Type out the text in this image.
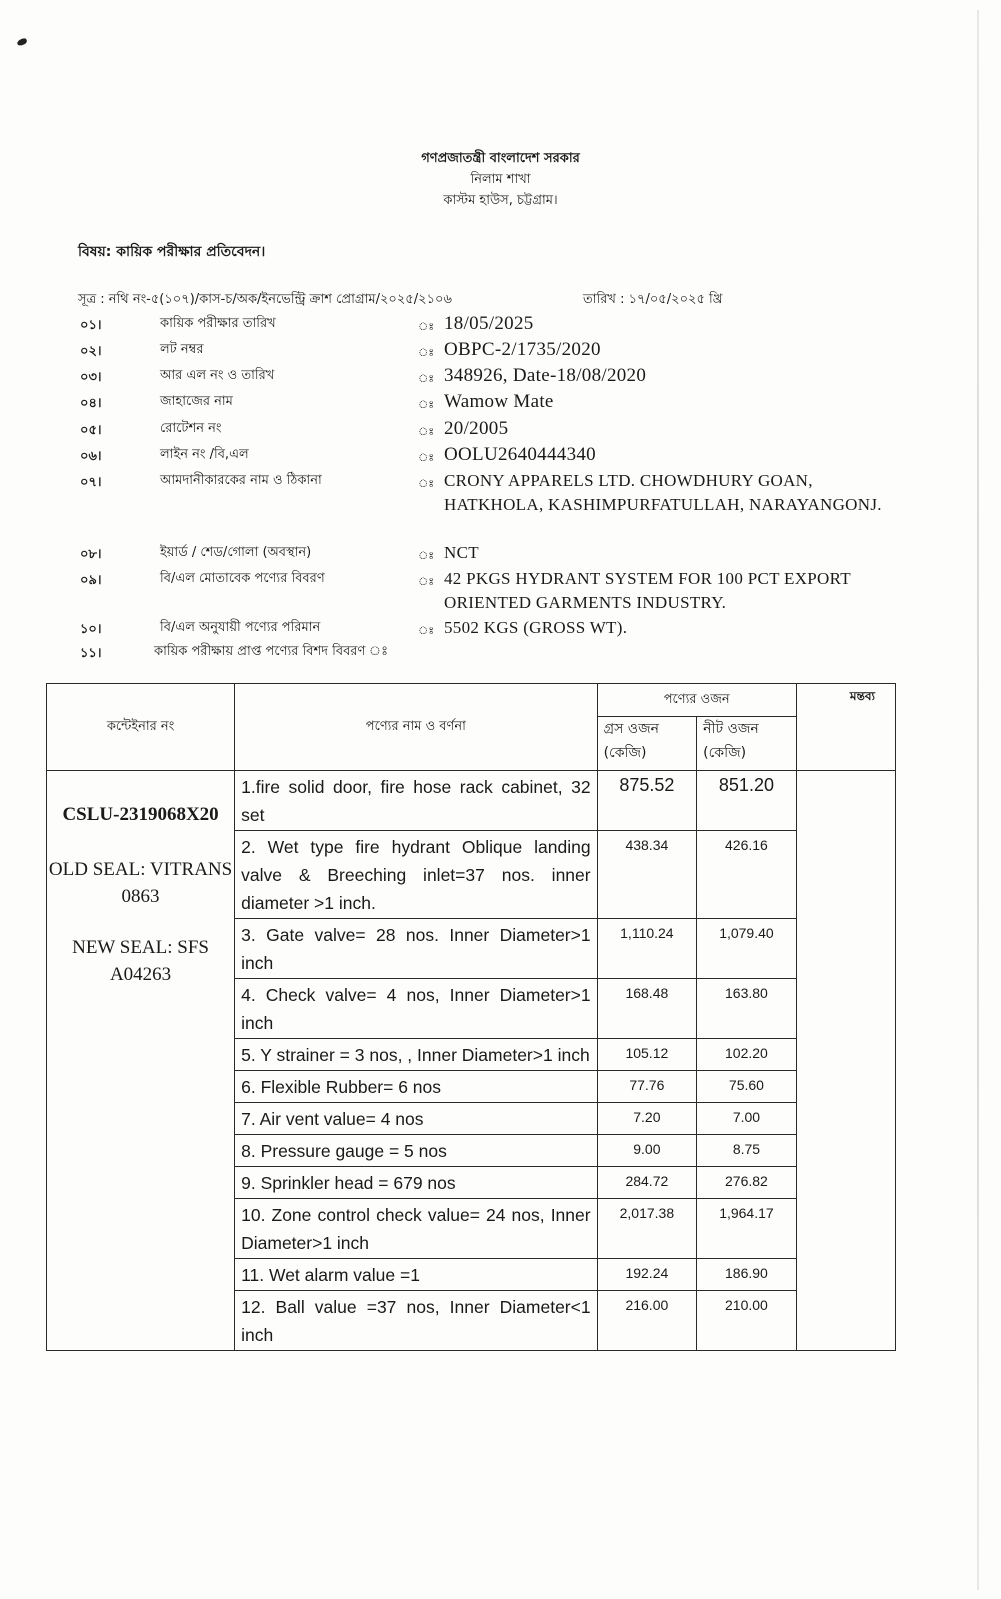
গণপ্রজাতন্ত্রী বাংলাদেশ সরকার
নিলাম শাখা
কাস্টম হাউস, চট্টগ্রাম।
বিষয়: কায়িক পরীক্ষার প্রতিবেদন।
সূত্র : নথি নং-৫(১০৭)/কাস-চ/অক/ইনভেন্ট্রি ক্রাশ প্রোগ্রাম/২০২৫/২১০৬	তারিখ : ১৭/০৫/২০২৫ খ্রি
০১।	কায়িক পরীক্ষার তারিখ	ঃ 18/05/2025
০২।	লট নম্বর	ঃ OBPC-2/1735/2020
০৩।	আর এল নং ও তারিখ	ঃ 348926, Date-18/08/2020
০৪।	জাহাজের নাম	ঃ Wamow Mate
০৫।	রোটেশন নং	ঃ 20/2005
০৬।	লাইন নং /বি,এল	ঃ OOLU2640444340
০৭।	আমদানীকারকের নাম ও ঠিকানা	ঃ CRONY APPARELS LTD. CHOWDHURY GOAN, HATKHOLA, KASHIMPURFATULLAH, NARAYANGONJ.
০৮।	ইয়ার্ড / শেড/গোলা (অবস্থান)	ঃ NCT
০৯।	বি/এল মোতাবেক পণ্যের বিবরণ	ঃ 42 PKGS HYDRANT SYSTEM FOR 100 PCT EXPORT ORIENTED GARMENTS INDUSTRY.
১০।	বি/এল অনুযায়ী পণ্যের পরিমান	ঃ 5502 KGS (GROSS WT).
১১।	কায়িক পরীক্ষায় প্রাপ্ত পণ্যের বিশদ বিবরণ ঃ
কন্টেইনার নং	পণ্যের নাম ও বর্ণনা	পণ্যের ওজন		মন্তব্য
		গ্রস ওজন (কেজি)	নীট ওজন (কেজি)	

CSLU-2319068X20
OLD SEAL: VITRANS 0863
NEW SEAL: SFS A04263	1.fire solid door, fire hose rack cabinet, 32 set	875.52	851.20	
	2. Wet type fire hydrant Oblique landing valve & Breeching inlet=37 nos. inner diameter >1 inch.	438.34	426.16	
	3. Gate valve= 28 nos. Inner Diameter>1 inch	1,110.24	1,079.40	
	4. Check valve= 4 nos, Inner Diameter>1 inch	168.48	163.80	
	5. Y strainer = 3 nos, , Inner Diameter>1 inch	105.12	102.20	
	6. Flexible Rubber= 6 nos	77.76	75.60	
	7. Air vent value= 4 nos	7.20	7.00	
	8. Pressure gauge = 5 nos	9.00	8.75	
	9. Sprinkler head = 679 nos	284.72	276.82	
	10. Zone control check value= 24 nos, Inner Diameter>1 inch	2,017.38	1,964.17	
	11. Wet alarm value =1	192.24	186.90	
	12. Ball value =37 nos, Inner Diameter<1 inch	216.00	210.00	
